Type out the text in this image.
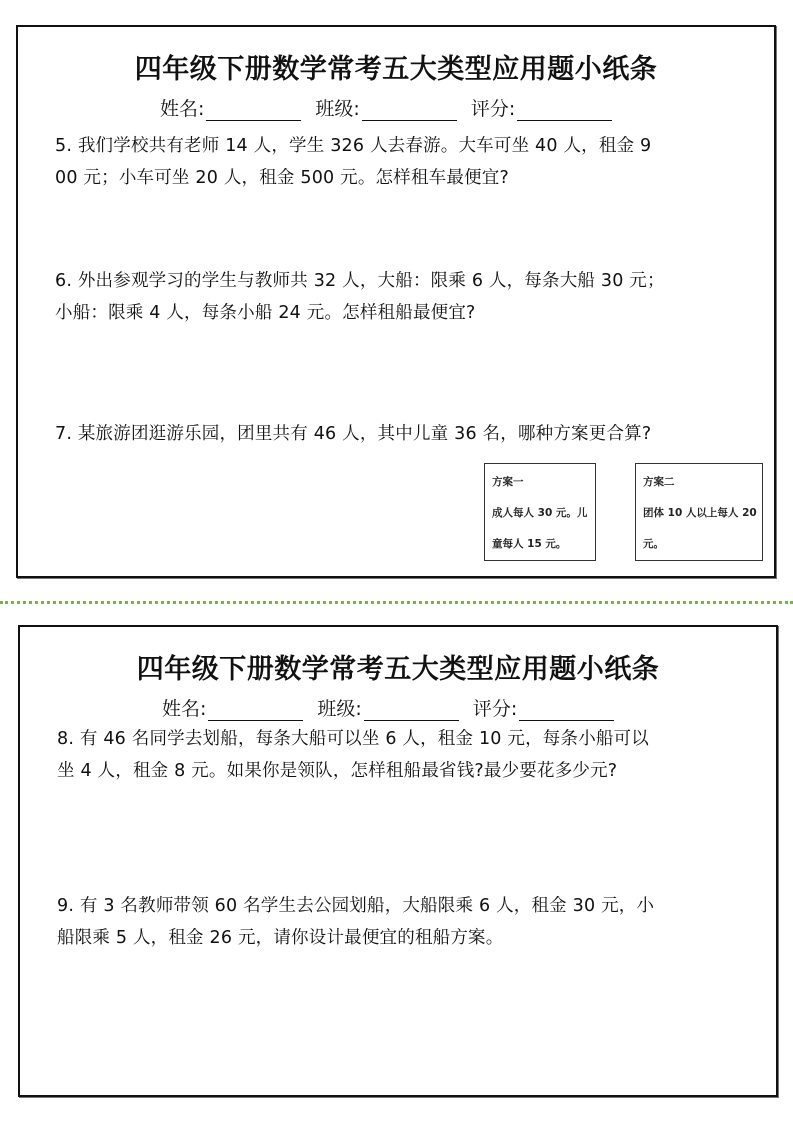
四年级下册数学常考五大类型应用题小纸条
姓名:	班级:	评分:
5. 我们学校共有老师 14 人，学生 326 人去春游。大车可坐 40 人，租金 9
00 元；小车可坐 20 人，租金 500 元。怎样租车最便宜?
6. 外出参观学习的学生与教师共 32 人，大船：限乘 6 人，每条大船 30 元；
小船：限乘 4 人，每条小船 24 元。怎样租船最便宜?
7. 某旅游团逛游乐园，团里共有 46 人，其中儿童 36 名，哪种方案更合算?
方案一
成人每人 30 元。儿
童每人 15 元。
方案二
团体 10 人以上每人 20
元。
四年级下册数学常考五大类型应用题小纸条
姓名:	班级:	评分:
8. 有 46 名同学去划船，每条大船可以坐 6 人，租金 10 元，每条小船可以
坐 4 人，租金 8 元。如果你是领队，怎样租船最省钱?最少要花多少元?
9. 有 3 名教师带领 60 名学生去公园划船，大船限乘 6 人，租金 30 元，小
船限乘 5 人，租金 26 元，请你设计最便宜的租船方案。
